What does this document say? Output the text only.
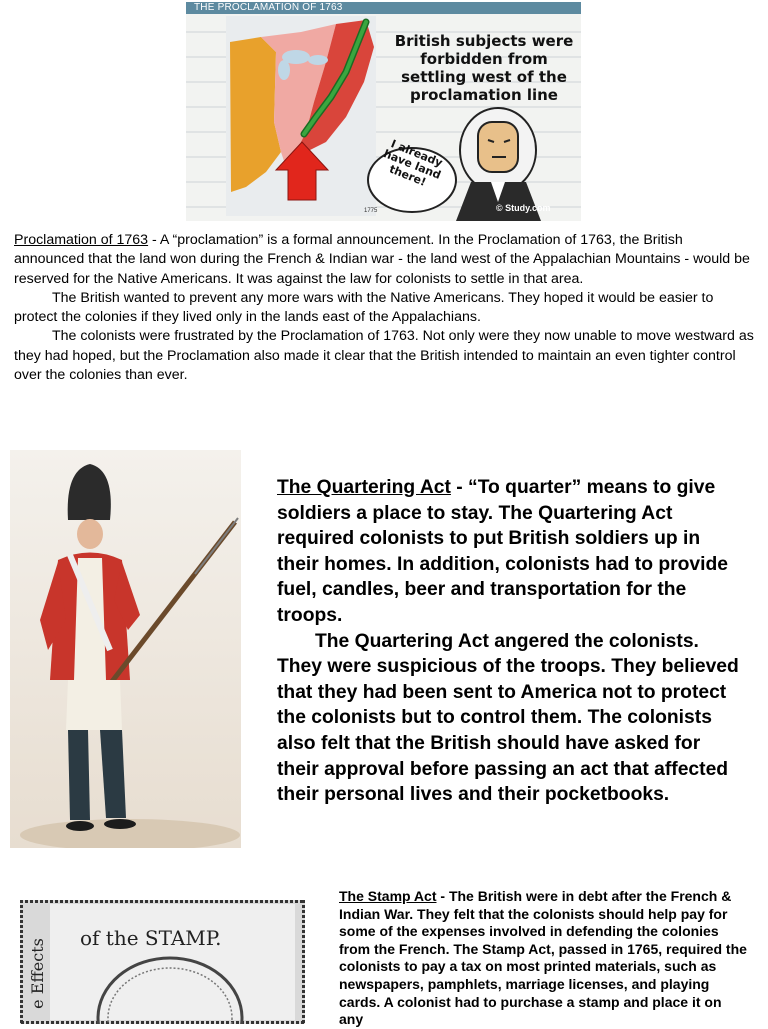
THE PROCLAMATION OF 1763
British subjects were forbidden from settling west of the proclamation line
I already have land there!
1775	© Study.com

Proclamation of 1763 - A “proclamation” is a formal announcement. In the Proclamation of 1763, the British announced that the land won during the French & Indian war - the land west of the Appalachian Mountains - would be reserved for the Native Americans. It was against the law for colonists to settle in that area.

The British wanted to prevent any more wars with the Native Americans. They hoped it would be easier to protect the colonies if they lived only in the lands east of the Appalachians.

The colonists were frustrated by the Proclamation of 1763. Not only were they now unable to move westward as they had hoped, but the Proclamation also made it clear that the British intended to maintain an even tighter control over the colonies than ever.

The Quartering Act - “To quarter” means to give soldiers a place to stay. The Quartering Act required colonists to put British soldiers up in their homes. In addition, colonists had to provide fuel, candles, beer and transportation for the troops.

The Quartering Act angered the colonists. They were suspicious of the troops. They believed that they had been sent to America not to protect the colonists but to control them. The colonists also felt that the British should have asked for their approval before passing an act that affected their personal lives and their pocketbooks.

of the STAMP.
e Effects

The Stamp Act - The British were in debt after the French & Indian War. They felt that the colonists should help pay for some of the expenses involved in defending the colonies from the French. The Stamp Act, passed in 1765, required the colonists to pay a tax on most printed materials, such as newspapers, pamphlets, marriage licenses, and playing cards. A colonist had to purchase a stamp and place it on any
